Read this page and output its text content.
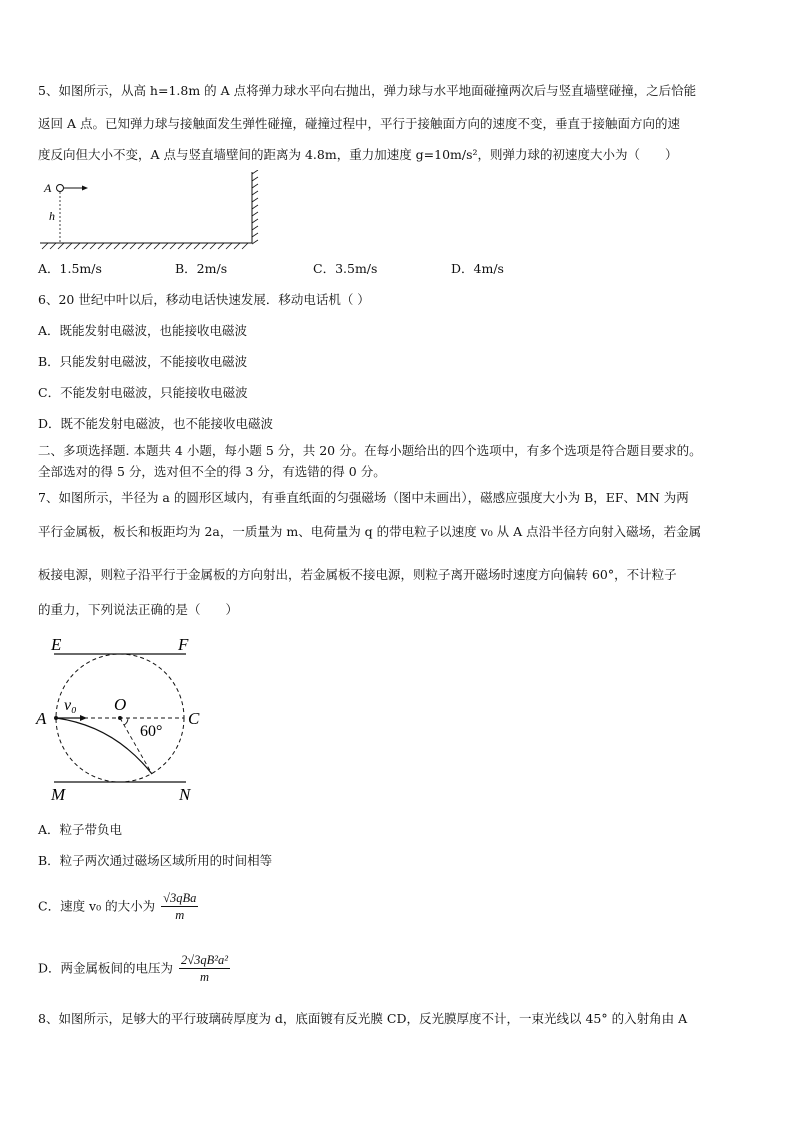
5、如图所示，从高 h=1.8m 的 A 点将弹力球水平向右抛出，弹力球与水平地面碰撞两次后与竖直墙壁碰撞，之后恰能
返回 A 点。已知弹力球与接触面发生弹性碰撞，碰撞过程中，平行于接触面方向的速度不变，垂直于接触面方向的速
度反向但大小不变，A 点与竖直墙壁间的距离为 4.8m，重力加速度 g=10m/s²，则弹力球的初速度大小为（　　）
A
h
A．1.5m/s	B．2m/s	C．3.5m/s	D．4m/s
6、20 世纪中叶以后，移动电话快速发展．移动电话机（ ）
A．既能发射电磁波，也能接收电磁波
B．只能发射电磁波，不能接收电磁波
C．不能发射电磁波，只能接收电磁波
D．既不能发射电磁波，也不能接收电磁波
二、多项选择题. 本题共 4 小题，每小题 5 分，共 20 分。在每小题给出的四个选项中，有多个选项是符合题目要求的。
全部选对的得 5 分，选对但不全的得 3 分，有选错的得 0 分。
7、如图所示，半径为 a 的圆形区域内，有垂直纸面的匀强磁场（图中未画出），磁感应强度大小为 B，EF、MN 为两
平行金属板，板长和板距均为 2a，一质量为 m、电荷量为 q 的带电粒子以速度 v₀ 从 A 点沿半径方向射入磁场，若金属
板接电源，则粒子沿平行于金属板的方向射出，若金属板不接电源，则粒子离开磁场时速度方向偏转 60°，不计粒子
的重力，下列说法正确的是（　　）
E	F
M	N
A	C
v₀ O
60°
A．粒子带负电
B．粒子两次通过磁场区域所用的时间相等
C．速度 v₀ 的大小为 $\frac{\text{√3qBa}}{m}$
D．两金属板间的电压为 $\frac{\text{2√3qB²a²}}{m}$
8、如图所示，足够大的平行玻璃砖厚度为 d，底面镀有反光膜 CD，反光膜厚度不计，一束光线以 45° 的入射角由 A
